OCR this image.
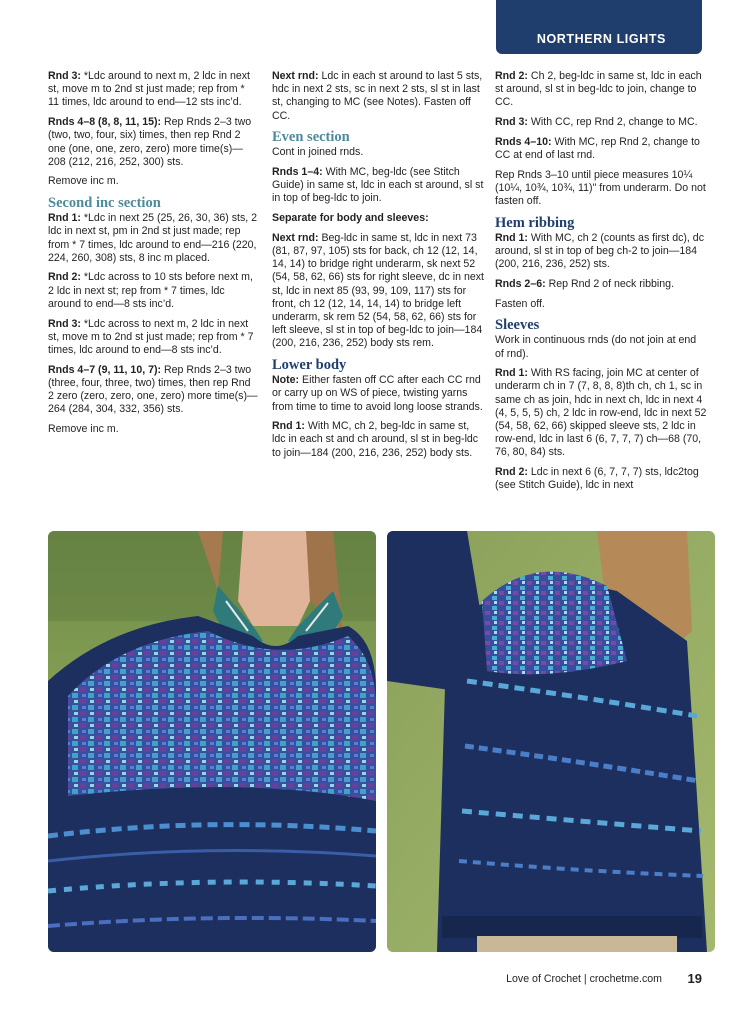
NORTHERN LIGHTS

Rnd 3: *Ldc around to next m, 2 ldc in next st, move m to 2nd st just made; rep from * 11 times, ldc around to end—12 sts inc’d.

Rnds 4–8 (8, 8, 11, 15): Rep Rnds 2–3 two (two, two, four, six) times, then rep Rnd 2 one (one, one, zero, zero) more time(s)—208 (212, 216, 252, 300) sts.

Remove inc m.

Second inc section

Rnd 1: *Ldc in next 25 (25, 26, 30, 36) sts, 2 ldc in next st, pm in 2nd st just made; rep from * 7 times, ldc around to end—216 (220, 224, 260, 308) sts, 8 inc m placed.

Rnd 2: *Ldc across to 10 sts before next m, 2 ldc in next st; rep from * 7 times, ldc around to end—8 sts inc’d.

Rnd 3: *Ldc across to next m, 2 ldc in next st, move m to 2nd st just made; rep from * 7 times, ldc around to end—8 sts inc’d.

Rnds 4–7 (9, 11, 10, 7): Rep Rnds 2–3 two (three, four, three, two) times, then rep Rnd 2 zero (zero, zero, one, zero) more time(s)—264 (284, 304, 332, 356) sts.

Remove inc m.

Next rnd: Ldc in each st around to last 5 sts, hdc in next 2 sts, sc in next 2 sts, sl st in last st, changing to MC (see Notes). Fasten off CC.

Even section

Cont in joined rnds.

Rnds 1–4: With MC, beg-ldc (see Stitch Guide) in same st, ldc in each st around, sl st in top of beg-ldc to join.

Separate for body and sleeves:

Next rnd: Beg-ldc in same st, ldc in next 73 (81, 87, 97, 105) sts for back, ch 12 (12, 14, 14, 14) to bridge right underarm, sk next 52 (54, 58, 62, 66) sts for right sleeve, dc in next st, ldc in next 85 (93, 99, 109, 117) sts for front, ch 12 (12, 14, 14, 14) to bridge left underarm, sk rem 52 (54, 58, 62, 66) sts for left sleeve, sl st in top of beg-ldc to join—184 (200, 216, 236, 252) body sts rem.

Lower body

Note: Either fasten off CC after each CC rnd or carry up on WS of piece, twisting yarns from time to time to avoid long loose strands.

Rnd 1: With MC, ch 2, beg-ldc in same st, ldc in each st and ch around, sl st in beg-ldc to join—184 (200, 216, 236, 252) body sts.

Rnd 2: Ch 2, beg-ldc in same st, ldc in each st around, sl st in beg-ldc to join, change to CC.

Rnd 3: With CC, rep Rnd 2, change to MC.

Rnds 4–10: With MC, rep Rnd 2, change to CC at end of last rnd.

Rep Rnds 3–10 until piece measures 10¼ (10¼, 10¾, 10¾, 11)" from underarm. Do not fasten off.

Hem ribbing

Rnd 1: With MC, ch 2 (counts as first dc), dc around, sl st in top of beg ch-2 to join—184 (200, 216, 236, 252) sts.

Rnds 2–6: Rep Rnd 2 of neck ribbing.

Fasten off.

Sleeves

Work in continuous rnds (do not join at end of rnd).

Rnd 1: With RS facing, join MC at center of underarm ch in 7 (7, 8, 8, 8)th ch, ch 1, sc in same ch as join, hdc in next ch, ldc in next 4 (4, 5, 5, 5) ch, 2 ldc in row-end, ldc in next 52 (54, 58, 62, 66) skipped sleeve sts, 2 ldc in row-end, ldc in last 6 (6, 7, 7, 7) ch—68 (70, 76, 80, 84) sts.

Rnd 2: Ldc in next 6 (6, 7, 7, 7) sts, ldc2tog (see Stitch Guide), ldc in next

Love of Crochet | crochetme.com 19
